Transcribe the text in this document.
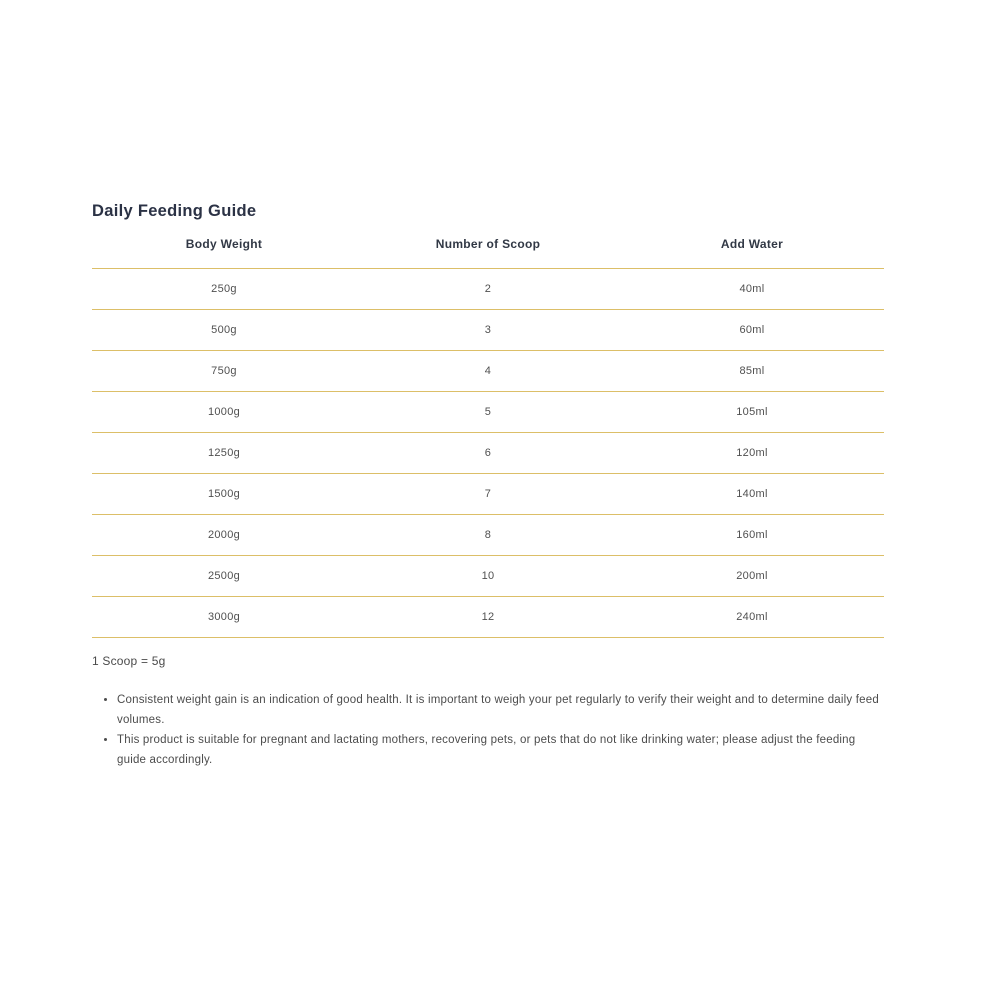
Daily Feeding Guide
Body Weight	Number of Scoop	Add Water
250g	2	40ml
500g	3	60ml
750g	4	85ml
1000g	5	105ml
1250g	6	120ml
1500g	7	140ml
2000g	8	160ml
2500g	10	200ml
3000g	12	240ml
1 Scoop = 5g
• Consistent weight gain is an indication of good health. It is important to weigh your pet regularly to verify their weight and to determine daily feed volumes.
• This product is suitable for pregnant and lactating mothers, recovering pets, or pets that do not like drinking water; please adjust the feeding guide accordingly.
